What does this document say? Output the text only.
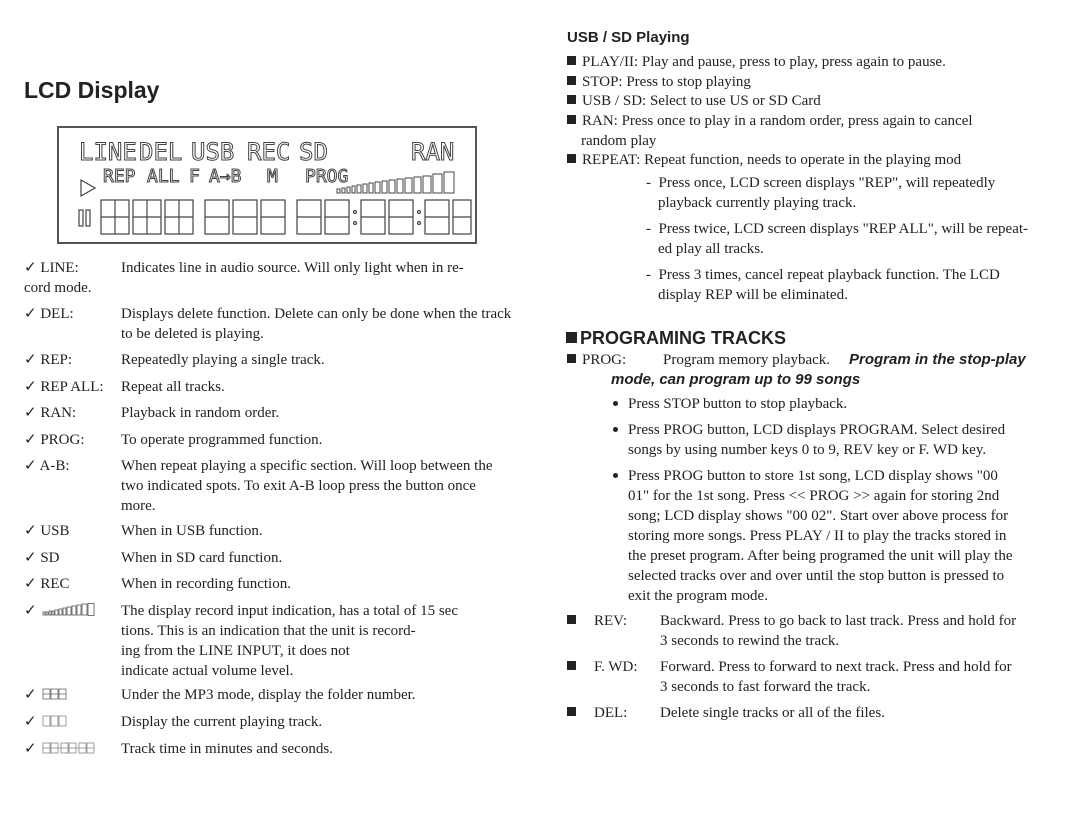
LCD Display
LINE DEL USB REC SD	RAN
REP ALL F A→B M PROG
✓ LINE:	Indicates line in audio source. Will only light when in re-
cord mode.
✓ DEL:	Displays delete function. Delete can only be done when the track to be deleted is playing.
✓ REP:	Repeatedly playing a single track.
✓ REP ALL: Repeat all tracks.
✓ RAN:	Playback in random order.
✓ PROG: To operate programmed function.
✓ A-B:	When repeat playing a specific section. Will loop between the two indicated spots. To exit A-B loop press the button once more.
✓ USB	When in USB function.
✓ SD	When in SD card function.
✓ REC	When in recording function.
✓	The display record input indication, has a total of 15 sec
tions. This is an indication that the unit is record-
ing from the LINE INPUT, it does not
indicate actual volume level.
✓	Under the MP3 mode, display the folder number.
✓	Display the current playing track.
✓	Track time in minutes and seconds.
USB / SD Playing
PLAY/II: Play and pause, press to play, press again to pause.
STOP: Press to stop playing
USB / SD: Select to use US or SD Card
RAN: Press once to play in a random order, press again to cancel
random play
REPEAT: Repeat function, needs to operate in the playing mod
-  Press once, LCD screen displays "REP", will repeatedly
playback currently playing track.
-  Press twice, LCD screen displays "REP ALL", will be repeat-
ed play all tracks.
-  Press 3 times, cancel repeat playback function. The LCD
display REP will be eliminated.
PROGRAMING TRACKS
PROG: Program memory playback. Program in the stop-play
mode, can program up to 99 songs
Press STOP button to stop playback.
Press PROG button, LCD displays PROGRAM. Select desired
songs by using number keys 0 to 9, REV key or F. WD key.
Press PROG button to store 1st song, LCD display shows "00
01" for the 1st song. Press << PROG >> again for storing 2nd
song; LCD display shows "00 02". Start over above process for
storing more songs. Press PLAY / II to play the tracks stored in
the preset program. After being programed the unit will play the
selected tracks over and over until the stop button is pressed to
exit the program mode.
REV: Backward. Press to go back to last track. Press and hold for
3 seconds to rewind the track.
F. WD: Forward. Press to forward to next track. Press and hold for
3 seconds to fast forward the track.
DEL: Delete single tracks or all of the files.
